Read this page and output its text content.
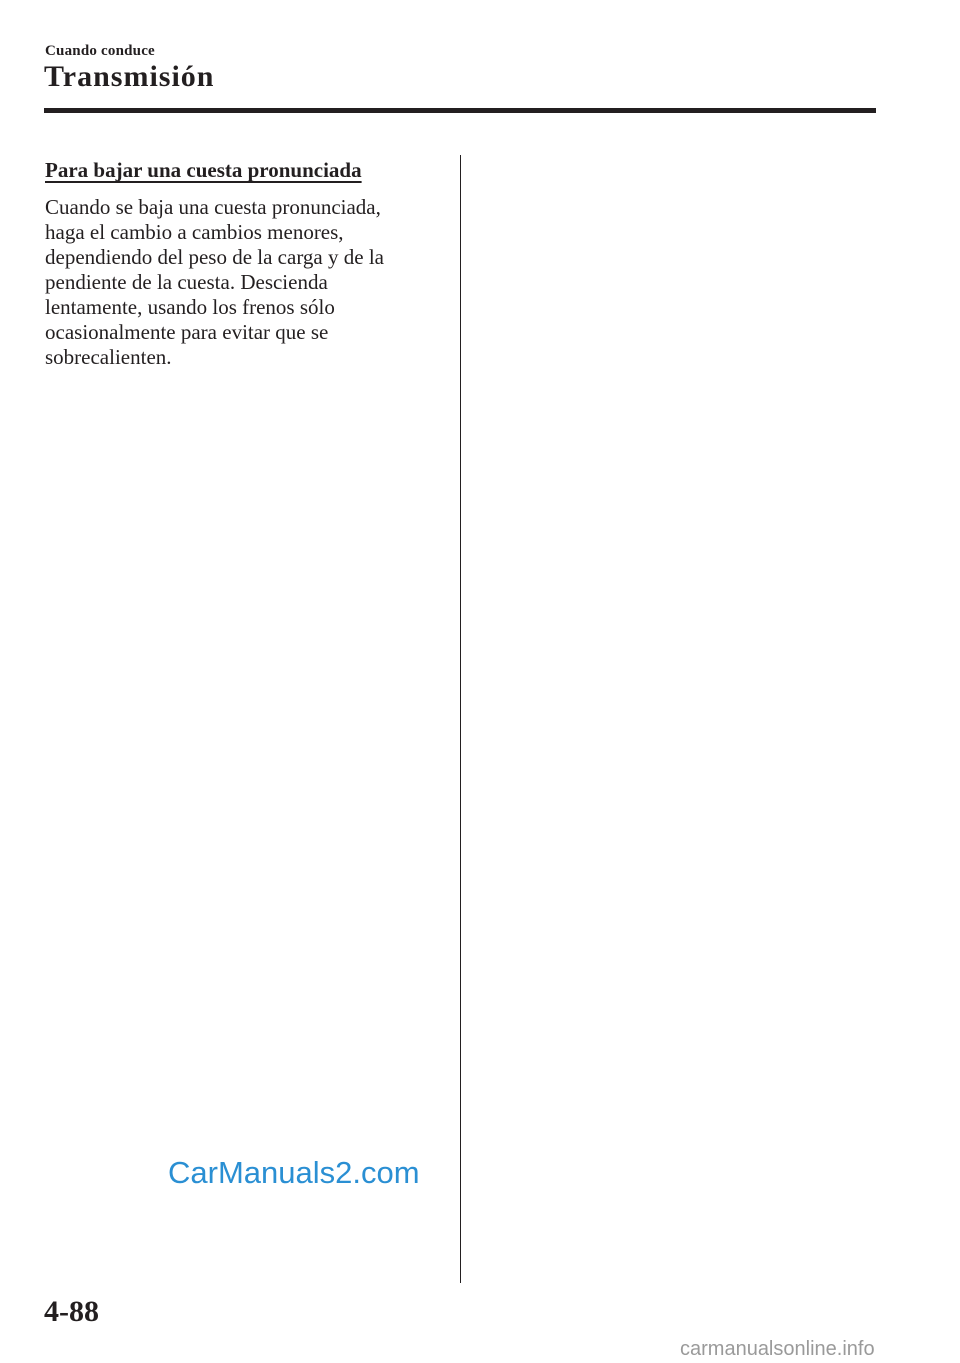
Cuando conduce
Transmisión
Para bajar una cuesta pronunciada
Cuando se baja una cuesta pronunciada,
haga el cambio a cambios menores,
dependiendo del peso de la carga y de la
pendiente de la cuesta. Descienda
lentamente, usando los frenos sólo
ocasionalmente para evitar que se
sobrecalienten.
CarManuals2.com
4-88
carmanualsonline.info
